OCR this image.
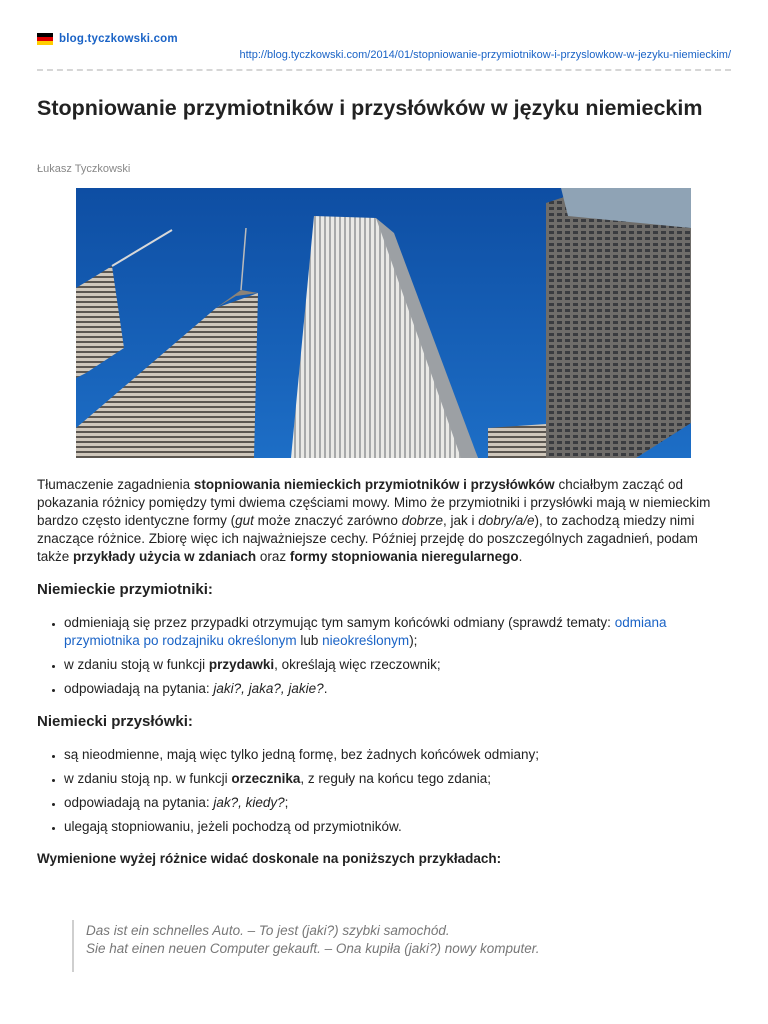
blog.tyczkowski.com
http://blog.tyczkowski.com/2014/01/stopniowanie-przymiotnikow-i-przyslowkow-w-jezyku-niemieckim/
Stopniowanie przymiotników i przysłówków w języku niemieckim
Łukasz Tyczkowski

Tłumaczenie zagadnienia stopniowania niemieckich przymiotników i przysłówków chciałbym zacząć od pokazania różnicy pomiędzy tymi dwiema częściami mowy. Mimo że przymiotniki i przysłówki mają w niemieckim bardzo często identyczne formy (gut może znaczyć zarówno dobrze, jak i dobry/a/e), to zachodzą miedzy nimi znaczące różnice. Zbiorę więc ich najważniejsze cechy. Później przejdę do poszczególnych zagadnień, podam także przykłady użycia w zdaniach oraz formy stopniowania nieregularnego.

Niemieckie przymiotniki:
• odmieniają się przez przypadki otrzymując tym samym końcówki odmiany (sprawdź tematy: odmiana przymiotnika po rodzajniku określonym lub nieokreślonym);
• w zdaniu stoją w funkcji przydawki, określają więc rzeczownik;
• odpowiadają na pytania: jaki?, jaka?, jakie?.
Niemiecki przysłówki:
• są nieodmienne, mają więc tylko jedną formę, bez żadnych końcówek odmiany;
• w zdaniu stoją np. w funkcji orzecznika, z reguły na końcu tego zdania;
• odpowiadają na pytania: jak?, kiedy?;
• ulegają stopniowaniu, jeżeli pochodzą od przymiotników.

Wymienione wyżej różnice widać doskonale na poniższych przykładach:

Das ist ein schnelles Auto. – To jest (jaki?) szybki samochód.
Sie hat einen neuen Computer gekauft. – Ona kupiła (jaki?) nowy komputer.
